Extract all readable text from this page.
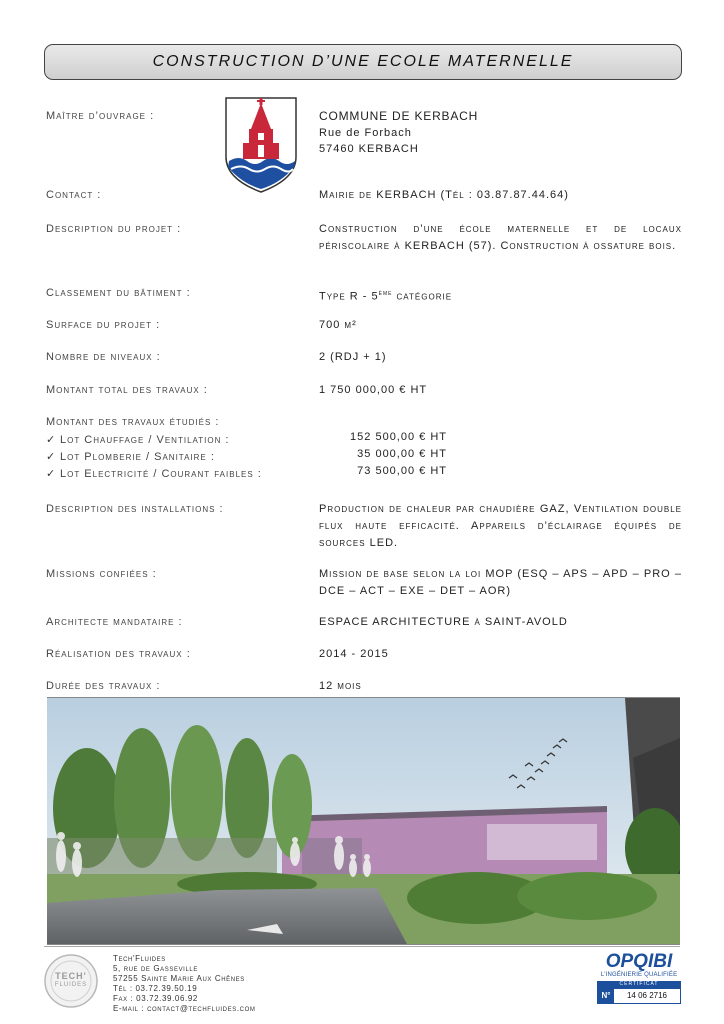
CONSTRUCTION D’UNE ECOLE MATERNELLE
Maître d’ouvrage :	COMMUNE DE KERBACH
Rue de Forbach
57460 KERBACH
Contact :	Mairie de KERBACH (Tél : 03.87.87.44.64)
Description du projet :	Construction d’une école maternelle et de locaux périscolaire à KERBACH (57). Construction à ossature bois.
Classement du bâtiment :	Type R - 5ème catégorie
Surface du projet :	700 m²
Nombre de niveaux :	2 (RDJ + 1)
Montant total des travaux :	1 750 000,00 € HT
Montant des travaux étudiés :
✓ Lot Chauffage / Ventilation :	152 500,00 € HT
✓ Lot Plomberie / Sanitaire :	35 000,00 € HT
✓ Lot Electricité / Courant faibles :	73 500,00 € HT
Description des installations :	Production de chaleur par chaudière GAZ, Ventilation double flux haute efficacité. Appareils d’éclairage équipés de sources LED.
Missions confiées :	Mission de base selon la loi MOP (ESQ – APS – APD – PRO – DCE – ACT – EXE – DET – AOR)
Architecte mandataire :	ESPACE ARCHITECTURE à SAINT-AVOLD
Réalisation des travaux :	2014 - 2015
Durée des travaux :	12 mois
TECH'
FLUIDES
Tech'Fluides
5, rue de Gasseville
57255 Sainte Marie Aux Chênes
Tél : 03.72.39.50.19
Fax : 03.72.39.06.92
E-mail : contact@techfluides.com
OPQIBI
L'INGÉNIERIE QUALIFIÉE
CERTIFICAT
N°	14 06 2716
